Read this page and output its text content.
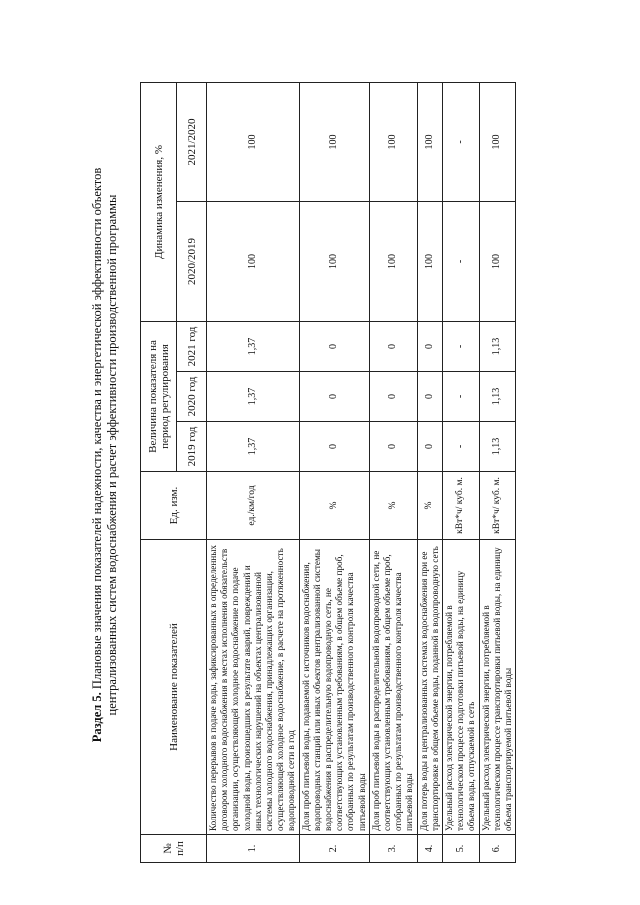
Раздел 5. Плановые значения показателей надежности, качества и энергетической эффективности объектов централизованных систем водоснабжения и расчет эффективности производственной программы
№ п/п	Наименование показателей	Ед. изм.	Величина показателя на период регулирования			Динамика изменения, %	
			2019 год	2020 год	2021 год	2020/2019	2021/2020
1.	Количество перерывов в подаче воды, зафиксированных в определенных договором холодного водоснабжения в местах исполнения обязательств организации, осуществляющей холодное водоснабжение по подаче холодной воды, произошедших в результате аварий, повреждений и иных технологических нарушений на объектах централизованной системы холодного водоснабжения, принадлежащих организации, осуществляющей холодное водоснабжение, в расчете на протяженность водопроводной сети в год	ед./км/год	1,37	1,37	1,37	100	100
2.	Доля проб питьевой воды, подаваемой с источников водоснабжения, водопроводных станций или иных объектов централизованной системы водоснабжения в распределительную водопроводную сеть, не соответствующих установленным требованиям, в общем объеме проб, отобранных по результатам производственного контроля качества питьевой воды	%	0	0	0	100	100
3.	Доля проб питьевой воды в распределительной водопроводной сети, не соответствующих установленным требованиям, в общем объеме проб, отобранных по результатам производственного контроля качества питьевой воды	%	0	0	0	100	100
4.	Доля потерь воды в централизованных системах водоснабжения при ее транспортировке в общем объеме воды, поданной в водопроводную сеть	%	0	0	0	100	100
5.	Удельный расход электрической энергии, потребляемой в технологическом процессе подготовки питьевой воды, на единицу объема воды, отпускаемой в сеть	кВт*ч/ куб. м.	-	-	-	-	-
6.	Удельный расход электрической энергии, потребляемой в технологическом процессе транспортировки питьевой воды, на единицу объема транспортируемой питьевой воды	кВт*ч/ куб. м.	1,13	1,13	1,13	100	100
